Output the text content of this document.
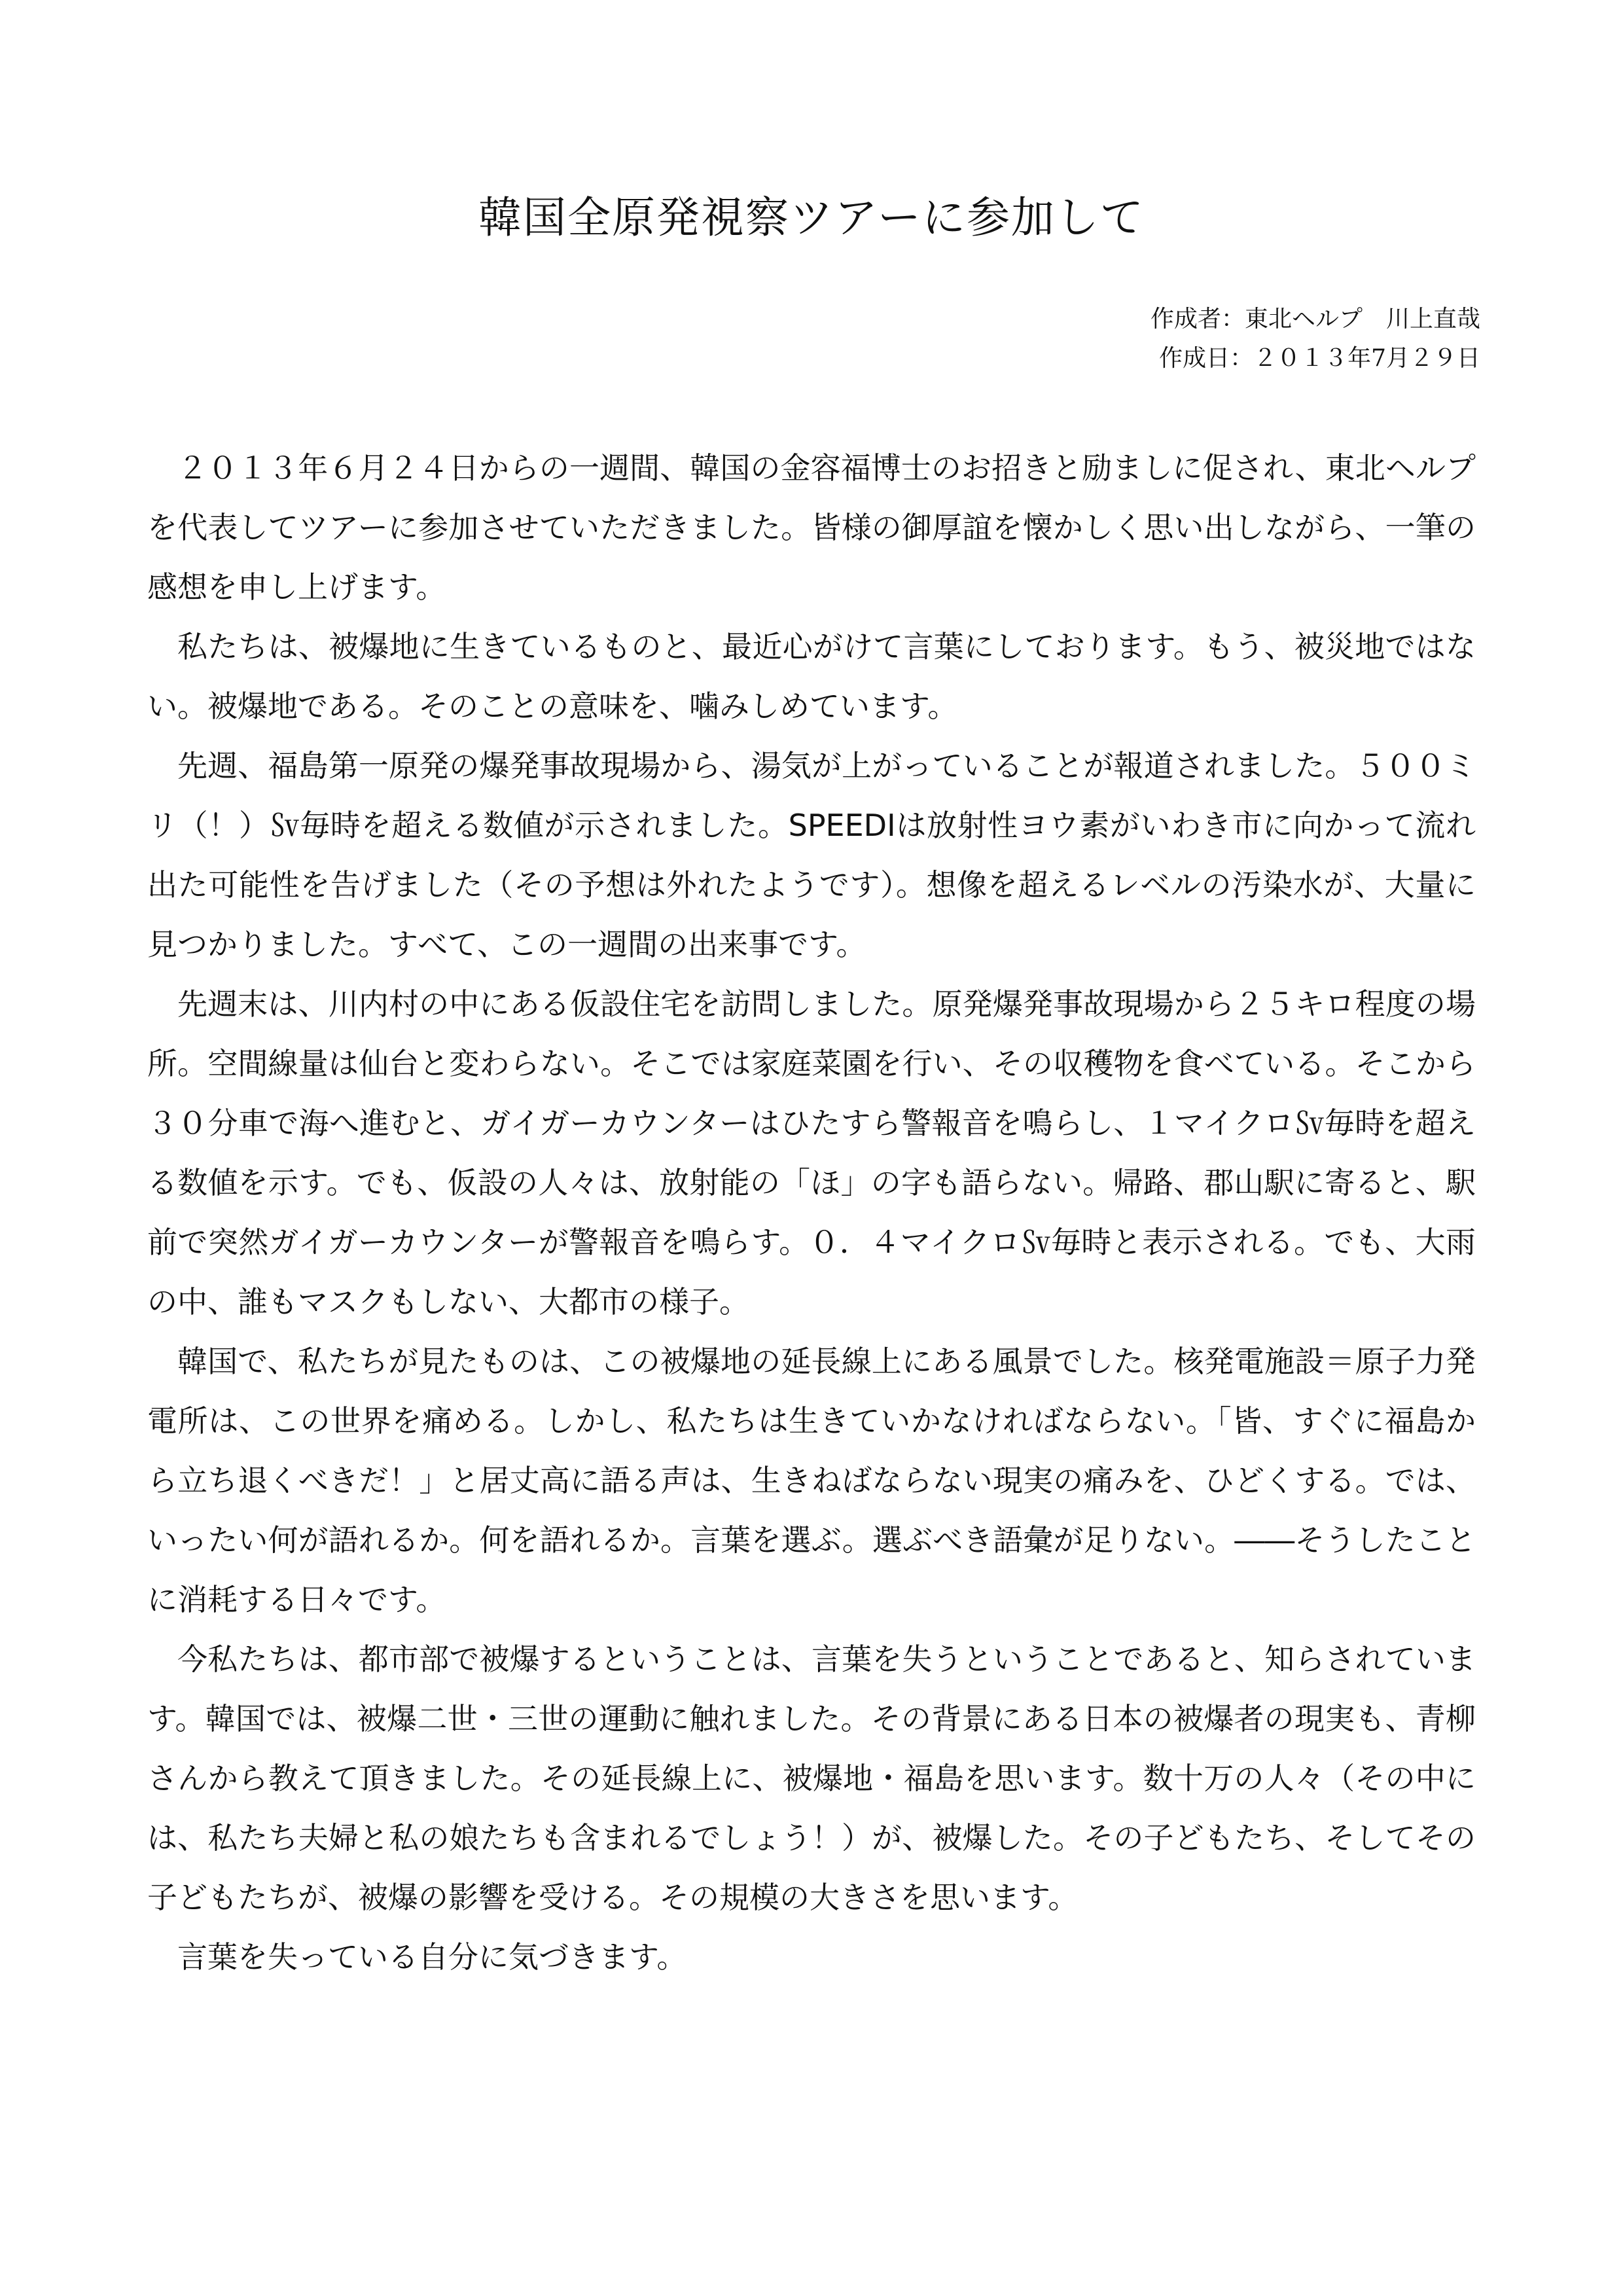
韓国全原発視察ツアーに参加して
作成者：東北ヘルプ　川上直哉
作成日：２０１３年7月２９日

２０１３年６月２４日からの一週間、韓国の金容福博士のお招きと励ましに促され、東北ヘルプを代表してツアーに参加させていただきました。皆様の御厚誼を懐かしく思い出しながら、一筆の感想を申し上げます。

私たちは、被爆地に生きているものと、最近心がけて言葉にしております。もう、被災地ではない。被爆地である。そのことの意味を、噛みしめています。

先週、福島第一原発の爆発事故現場から、湯気が上がっていることが報道されました。５００ミリ（！）㏜毎時を超える数値が示されました。SPEEDIは放射性ヨウ素がいわき市に向かって流れ出た可能性を告げました（その予想は外れたようです）。想像を超えるレベルの汚染水が、大量に見つかりました。すべて、この一週間の出来事です。

先週末は、川内村の中にある仮設住宅を訪問しました。原発爆発事故現場から２５キロ程度の場所。空間線量は仙台と変わらない。そこでは家庭菜園を行い、その収穫物を食べている。そこから３０分車で海へ進むと、ガイガーカウンターはひたすら警報音を鳴らし、１マイクロ㏜毎時を超える数値を示す。でも、仮設の人々は、放射能の「ほ」の字も語らない。帰路、郡山駅に寄ると、駅前で突然ガイガーカウンターが警報音を鳴らす。０．４マイクロ㏜毎時と表示される。でも、大雨の中、誰もマスクもしない、大都市の様子。

韓国で、私たちが見たものは、この被爆地の延長線上にある風景でした。核発電施設＝原子力発電所は、この世界を痛める。しかし、私たちは生きていかなければならない。「皆、すぐに福島から立ち退くべきだ！」と居丈高に語る声は、生きねばならない現実の痛みを、ひどくする。では、いったい何が語れるか。何を語れるか。言葉を選ぶ。選ぶべき語彙が足りない。――そうしたことに消耗する日々です。

今私たちは、都市部で被爆するということは、言葉を失うということであると、知らされています。韓国では、被爆二世・三世の運動に触れました。その背景にある日本の被爆者の現実も、青柳さんから教えて頂きました。その延長線上に、被爆地・福島を思います。数十万の人々（その中には、私たち夫婦と私の娘たちも含まれるでしょう！）が、被爆した。その子どもたち、そしてその子どもたちが、被爆の影響を受ける。その規模の大きさを思います。

言葉を失っている自分に気づきます。
